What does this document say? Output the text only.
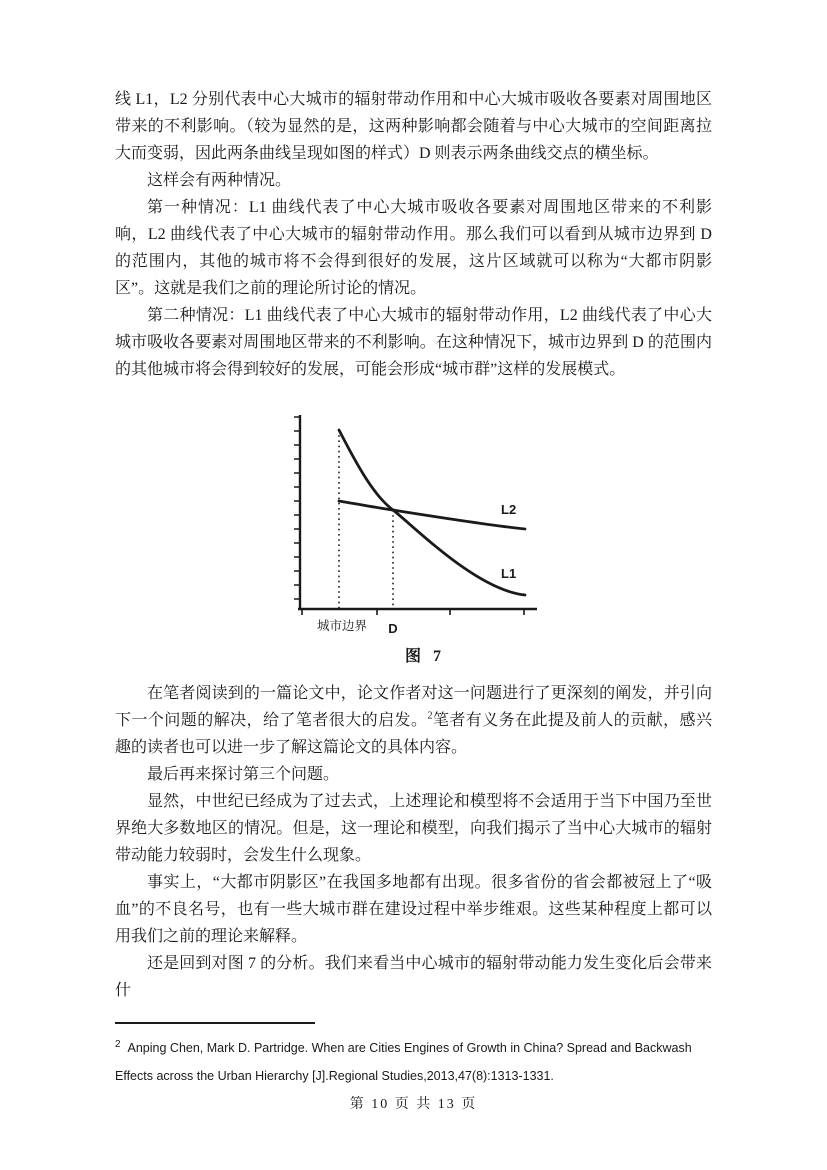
线 L1，L2 分别代表中心大城市的辐射带动作用和中心大城市吸收各要素对周围地区带来的不利影响。（较为显然的是，这两种影响都会随着与中心大城市的空间距离拉大而变弱，因此两条曲线呈现如图的样式）D 则表示两条曲线交点的横坐标。

这样会有两种情况。

第一种情况：L1 曲线代表了中心大城市吸收各要素对周围地区带来的不利影响，L2 曲线代表了中心大城市的辐射带动作用。那么我们可以看到从城市边界到 D 的范围内，其他的城市将不会得到很好的发展，这片区域就可以称为“大都市阴影区”。这就是我们之前的理论所讨论的情况。

第二种情况：L1 曲线代表了中心大城市的辐射带动作用，L2 曲线代表了中心大城市吸收各要素对周围地区带来的不利影响。在这种情况下，城市边界到 D 的范围内的其他城市将会得到较好的发展，可能会形成“城市群”这样的发展模式。

L2
L1
城市边界 D
图 7

在笔者阅读到的一篇论文中，论文作者对这一问题进行了更深刻的阐发，并引向下一个问题的解决，给了笔者很大的启发。$^2$笔者有义务在此提及前人的贡献，感兴趣的读者也可以进一步了解这篇论文的具体内容。

最后再来探讨第三个问题。

显然，中世纪已经成为了过去式，上述理论和模型将不会适用于当下中国乃至世界绝大多数地区的情况。但是，这一理论和模型，向我们揭示了当中心大城市的辐射带动能力较弱时，会发生什么现象。

事实上，“大都市阴影区”在我国多地都有出现。很多省份的省会都被冠上了“吸血”的不良名号，也有一些大城市群在建设过程中举步维艰。这些某种程度上都可以用我们之前的理论来解释。

还是回到对图 7 的分析。我们来看当中心城市的辐射带动能力发生变化后会带来什

$^2$ Anping Chen, Mark D. Partridge. When are Cities Engines of Growth in China? Spread and Backwash Effects across the Urban Hierarchy [J].Regional Studies,2013,47(8):1313-1331.

第 10 页 共 13 页
